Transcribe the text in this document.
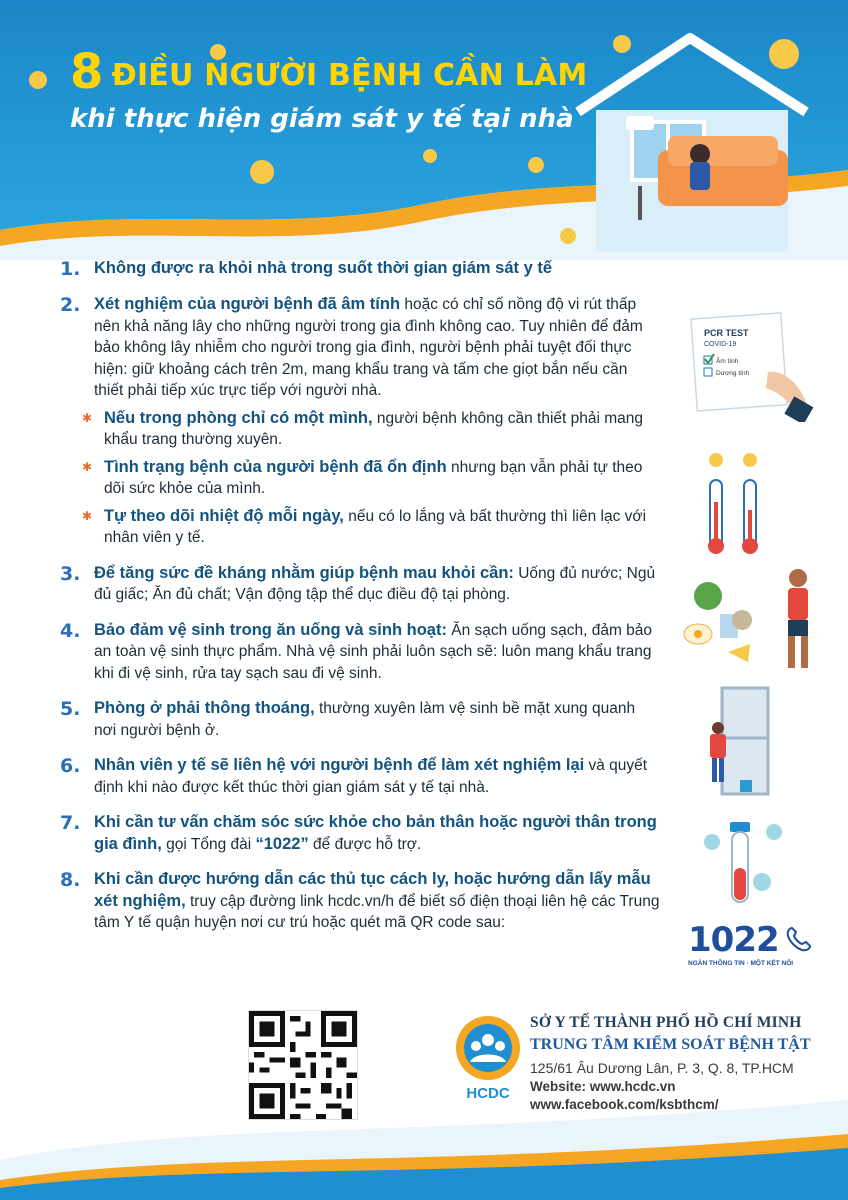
8 ĐIỀU NGƯỜI BỆNH CẦN LÀM
khi thực hiện giám sát y tế tại nhà
1. Không được ra khỏi nhà trong suốt thời gian giám sát y tế
2. Xét nghiệm của người bệnh đã âm tính hoặc có chỉ số nồng độ vi rút thấp nên khả năng lây cho những người trong gia đình không cao. Tuy nhiên để đảm bảo không lây nhiễm cho người trong gia đình, người bệnh phải tuyệt đối thực hiện: giữ khoảng cách trên 2m, mang khẩu trang và tấm che giọt bắn nếu cần thiết phải tiếp xúc trực tiếp với người nhà.
✱ Nếu trong phòng chỉ có một mình, người bệnh không cần thiết phải mang khẩu trang thường xuyên.
✱ Tình trạng bệnh của người bệnh đã ổn định nhưng bạn vẫn phải tự theo dõi sức khỏe của mình.
✱ Tự theo dõi nhiệt độ mỗi ngày, nếu có lo lắng và bất thường thì liên lạc với nhân viên y tế.
3. Để tăng sức đề kháng nhằm giúp bệnh mau khỏi cần: Uống đủ nước; Ngủ đủ giấc; Ăn đủ chất; Vận động tập thể dục điều độ tại phòng.
4. Bảo đảm vệ sinh trong ăn uống và sinh hoạt: Ăn sạch uống sạch, đảm bảo an toàn vệ sinh thực phẩm. Nhà vệ sinh phải luôn sạch sẽ: luôn mang khẩu trang khi đi vệ sinh, rửa tay sạch sau đi vệ sinh.
5. Phòng ở phải thông thoáng, thường xuyên làm vệ sinh bề mặt xung quanh nơi người bệnh ở.
6. Nhân viên y tế sẽ liên hệ với người bệnh để làm xét nghiệm lại và quyết định khi nào được kết thúc thời gian giám sát y tế tại nhà.
7. Khi cần tư vấn chăm sóc sức khỏe cho bản thân hoặc người thân trong gia đình, gọi Tổng đài “1022” để được hỗ trợ.
8. Khi cần được hướng dẫn các thủ tục cách ly, hoặc hướng dẫn lấy mẫu xét nghiệm, truy cập đường link hcdc.vn/h để biết số điện thoại liên hệ các Trung tâm Y tế quận huyện nơi cư trú hoặc quét mã QR code sau:
PCR TEST
COVID-19
Âm tính
Dương tính
1022
NGÀN THÔNG TIN · MỘT KẾT NỐI
HCDC
SỞ Y TẾ THÀNH PHỐ HỒ CHÍ MINH
TRUNG TÂM KIỂM SOÁT BỆNH TẬT
125/61 Âu Dương Lân, P. 3, Q. 8, TP.HCM
Website: www.hcdc.vn
www.facebook.com/ksbthcm/
